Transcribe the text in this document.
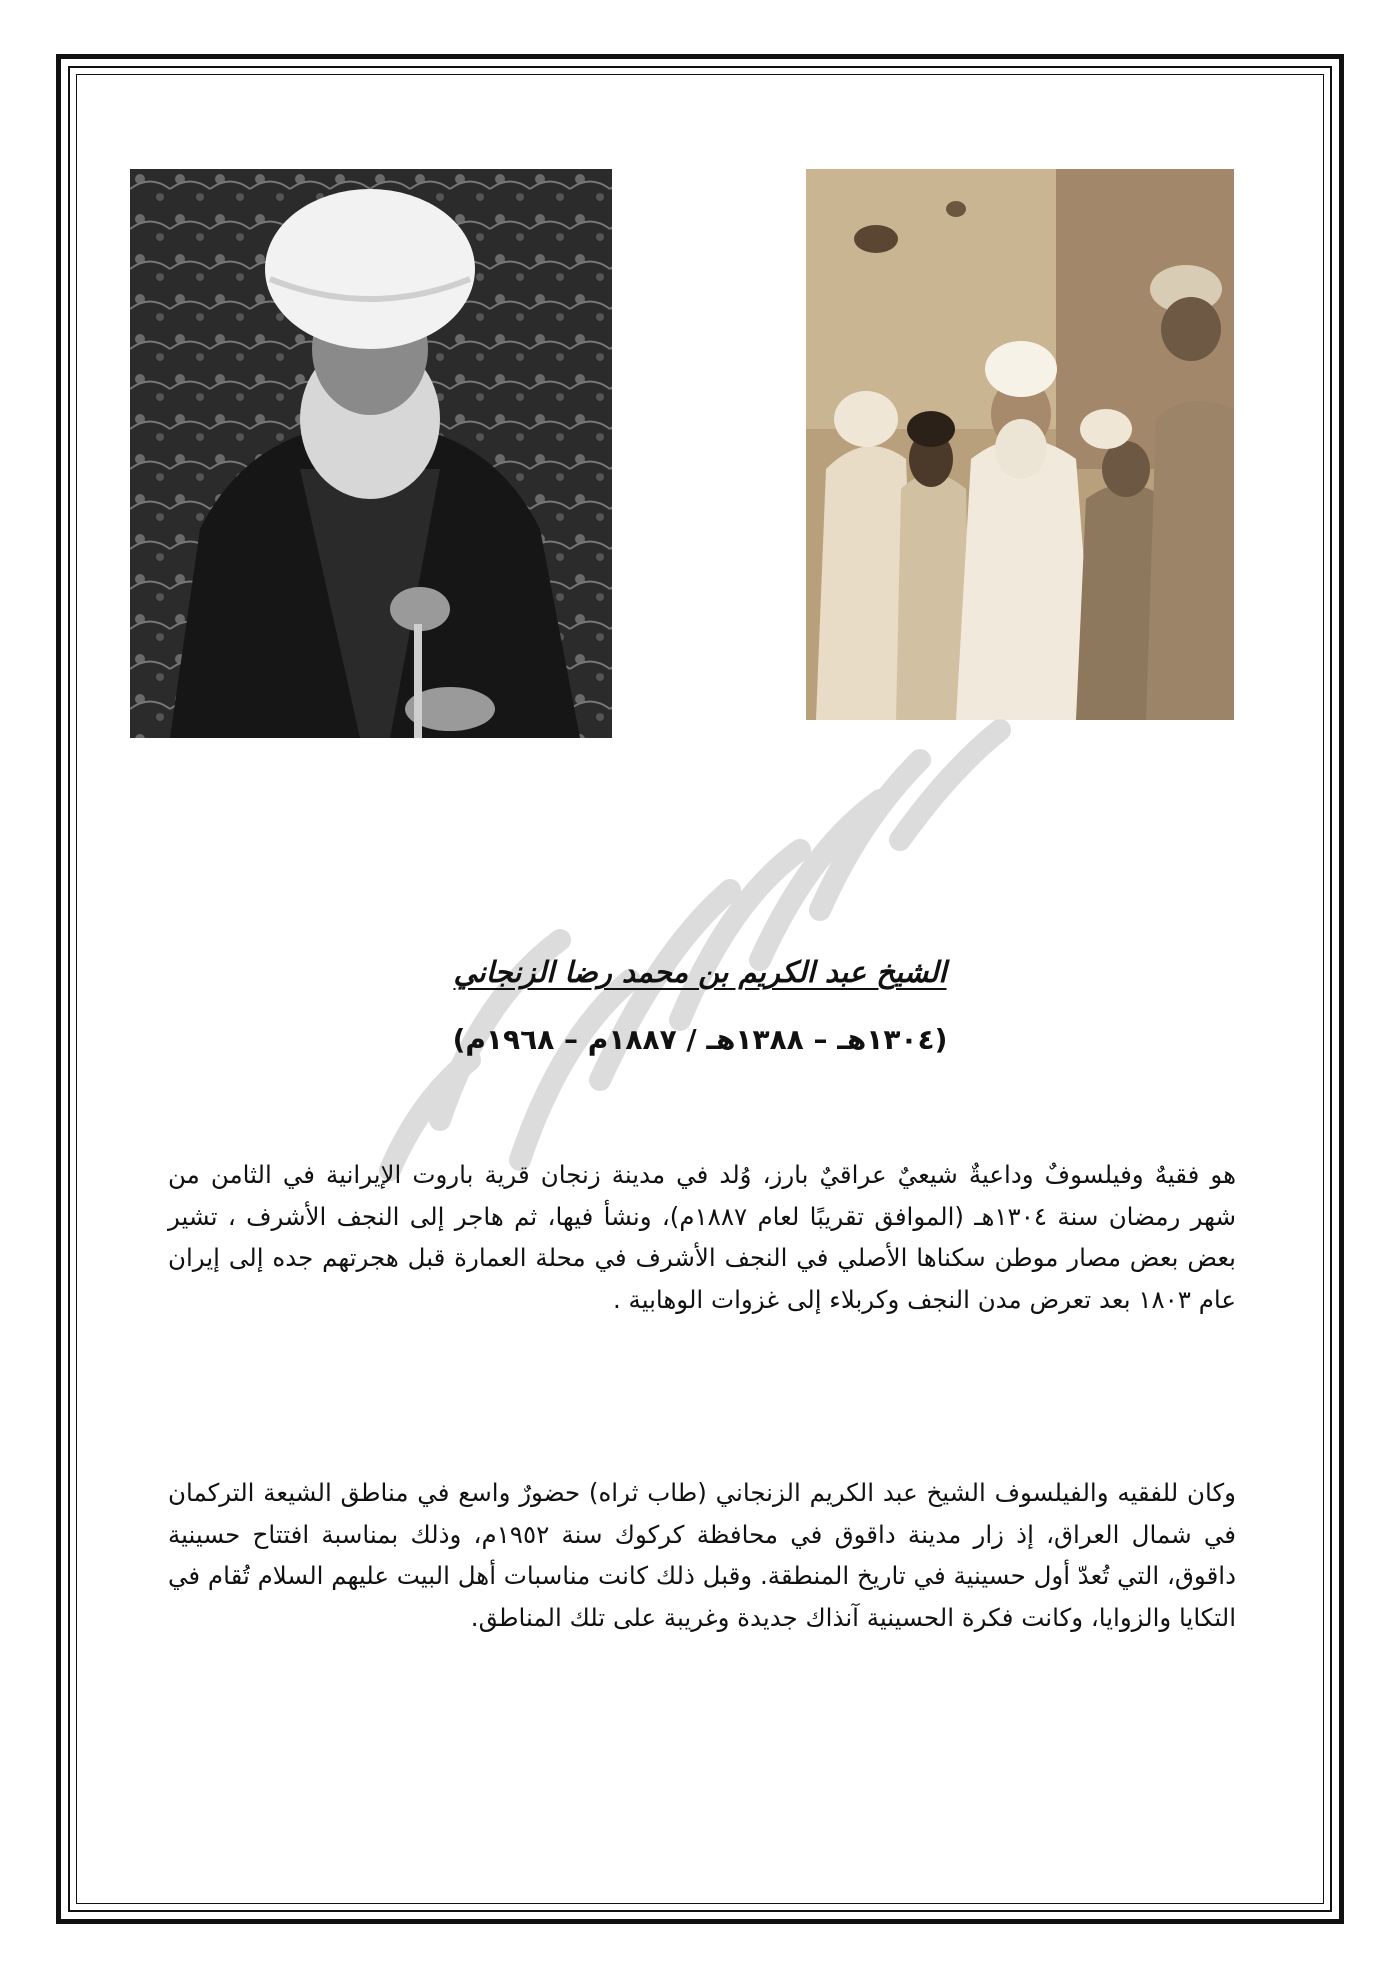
الشيخ عبد الكريم بن محمد رضا الزنجاني
(١٣٠٤هـ – ١٣٨٨هـ / ١٨٨٧م – ١٩٦٨م)
هو فقيهٌ وفيلسوفٌ وداعيةٌ شيعيٌ عراقيٌ بارز، وُلد في مدينة زنجان قرية باروت الإيرانية في الثامن من شهر رمضان سنة ١٣٠٤هـ (الموافق تقريبًا لعام ١٨٨٧م)، ونشأ فيها، ثم هاجر إلى النجف الأشرف ، تشير بعض بعض مصار موطن سكناها الأصلي في النجف الأشرف في محلة العمارة قبل هجرتهم جده إلى إيران عام ١٨٠٣ بعد تعرض مدن النجف وكربلاء إلى غزوات الوهابية .
وكان للفقيه والفيلسوف الشيخ عبد الكريم الزنجاني (طاب ثراه) حضورٌ واسع في مناطق الشيعة التركمان في شمال العراق، إذ زار مدينة داقوق في محافظة كركوك سنة ١٩٥٢م، وذلك بمناسبة افتتاح حسينية داقوق، التي تُعدّ أول حسينية في تاريخ المنطقة. وقبل ذلك كانت مناسبات أهل البيت عليهم السلام تُقام في التكايا والزوايا، وكانت فكرة الحسينية آنذاك جديدة وغريبة على تلك المناطق.
